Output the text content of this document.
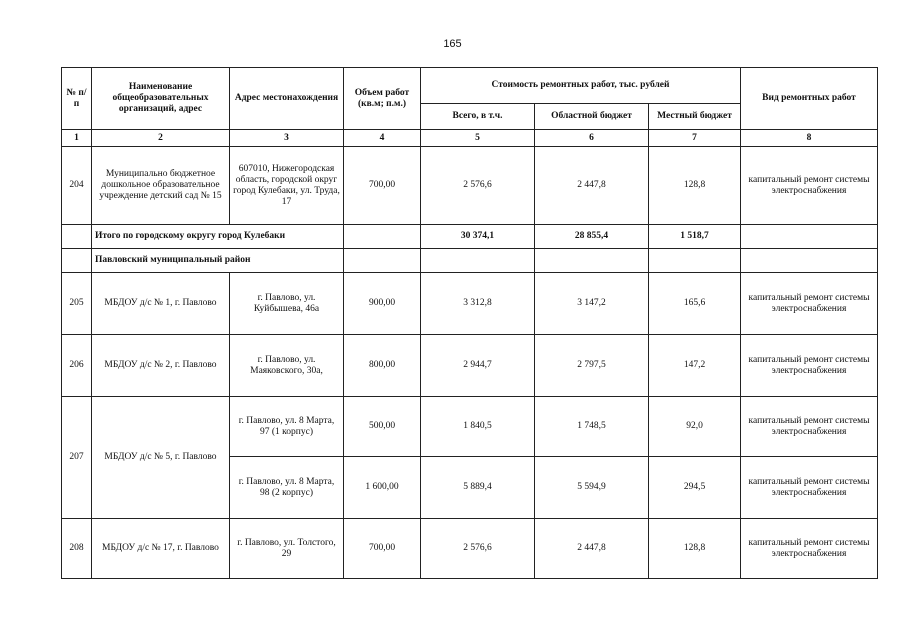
165
№ п/п	Наименование общеобразовательных организаций, адрес	Адрес местонахождения	Объем работ (кв.м; п.м.)	Стоимость ремонтных работ, тыс. рублей			Вид ремонтных работ
				Всего, в т.ч.	Областной бюджет	Местный бюджет	
1	2	3	4	5	6	7	8
204	Муниципально бюджетное дошкольное образовательное учреждение детский сад № 15	607010, Нижегородская область, городской округ город Кулебаки, ул. Труда, 17	700,00	2 576,6	2 447,8	128,8	капитальный ремонт системы электроснабжения
	Итого по городскому округу город Кулебаки			30 374,1	28 855,4	1 518,7	
	Павловский муниципальный район						
205	МБДОУ д/с № 1, г. Павлово	г. Павлово, ул. Куйбышева, 46а	900,00	3 312,8	3 147,2	165,6	капитальный ремонт системы электроснабжения
206	МБДОУ д/с № 2, г. Павлово	г. Павлово, ул. Маяковского, 30а,	800,00	2 944,7	2 797,5	147,2	капитальный ремонт системы электроснабжения
207	МБДОУ д/с № 5, г. Павлово	г. Павлово, ул. 8 Марта, 97 (1 корпус)	500,00	1 840,5	1 748,5	92,0	капитальный ремонт системы электроснабжения
		г. Павлово, ул. 8 Марта, 98 (2 корпус)	1 600,00	5 889,4	5 594,9	294,5	капитальный ремонт системы электроснабжения
208	МБДОУ д/с № 17, г. Павлово	г. Павлово, ул. Толстого, 29	700,00	2 576,6	2 447,8	128,8	капитальный ремонт системы электроснабжения
